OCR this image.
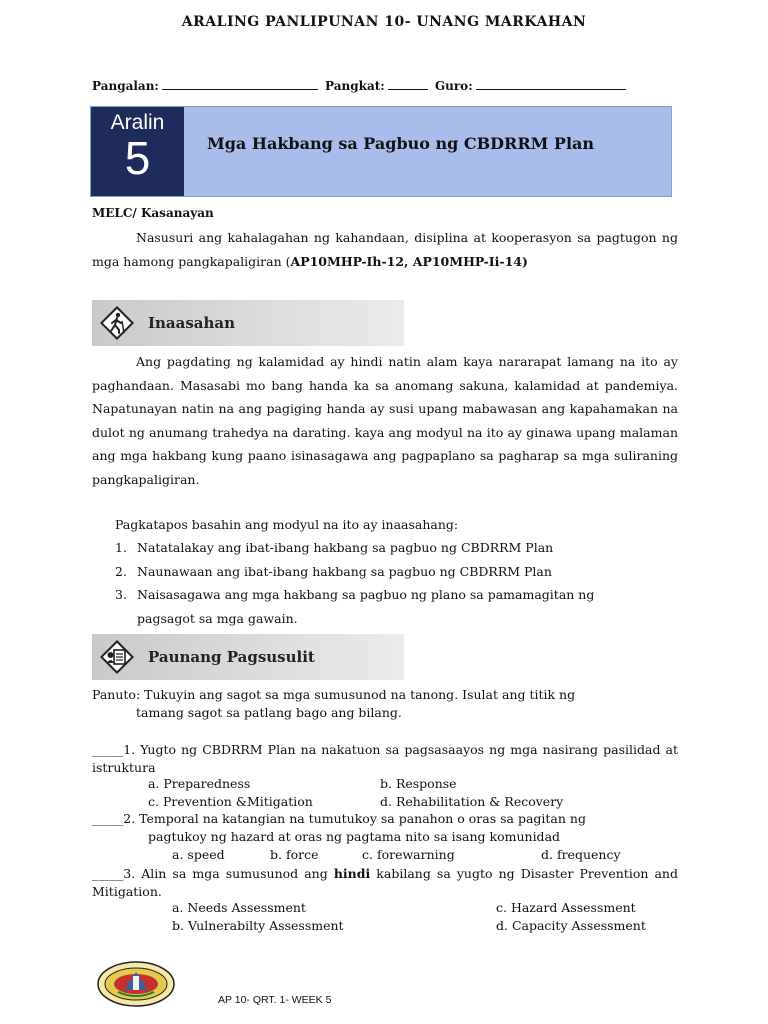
ARALING PANLIPUNAN 10- UNANG MARKAHAN
Pangalan:	Pangkat:	Guro:
Aralin
5	Mga Hakbang sa Pagbuo ng CBDRRM Plan
MELC/ Kasanayan
Nasusuri ang kahalagahan ng kahandaan, disiplina at kooperasyon sa pagtugon ng mga hamong pangkapaligiran (AP10MHP-Ih-12, AP10MHP-Ii-14)
Inaasahan
Ang pagdating ng kalamidad ay hindi natin alam kaya nararapat lamang na ito ay paghandaan. Masasabi mo bang handa ka sa anomang sakuna, kalamidad at pandemiya. Napatunayan natin na ang pagiging handa ay susi upang mabawasan ang kapahamakan na dulot ng anumang trahedya na darating. kaya ang modyul na ito ay ginawa upang malaman ang mga hakbang kung paano isinasagawa ang pagpaplano sa pagharap sa mga suliraning pangkapaligiran.
Pagkatapos basahin ang modyul na ito ay inaasahang:
1. Natatalakay ang ibat-ibang hakbang sa pagbuo ng CBDRRM Plan
2. Naunawaan ang ibat-ibang hakbang sa pagbuo ng CBDRRM Plan
3. Naisasagawa ang mga hakbang sa pagbuo ng plano sa pamamagitan ng
pagsagot sa mga gawain.
Paunang Pagsusulit
Panuto: Tukuyin ang sagot sa mga sumusunod na tanong. Isulat ang titik ng
tamang sagot sa patlang bago ang bilang.
_____1. Yugto ng CBDRRM Plan na nakatuon sa pagsasaayos ng mga nasirang pasilidad at istruktura
a. Preparedness	b. Response
c. Prevention &Mitigation	d. Rehabilitation & Recovery
_____2. Temporal na katangian na tumutukoy sa panahon o oras sa pagitan ng
pagtukoy ng hazard at oras ng pagtama nito sa isang komunidad
a. speed	b. force	c. forewarning	d. frequency
_____3. Alin sa mga sumusunod ang hindi kabilang sa yugto ng Disaster Prevention and Mitigation.
a. Needs Assessment	c. Hazard Assessment
b. Vulnerabilty Assessment	d. Capacity Assessment
AP 10- QRT. 1- WEEK 5
